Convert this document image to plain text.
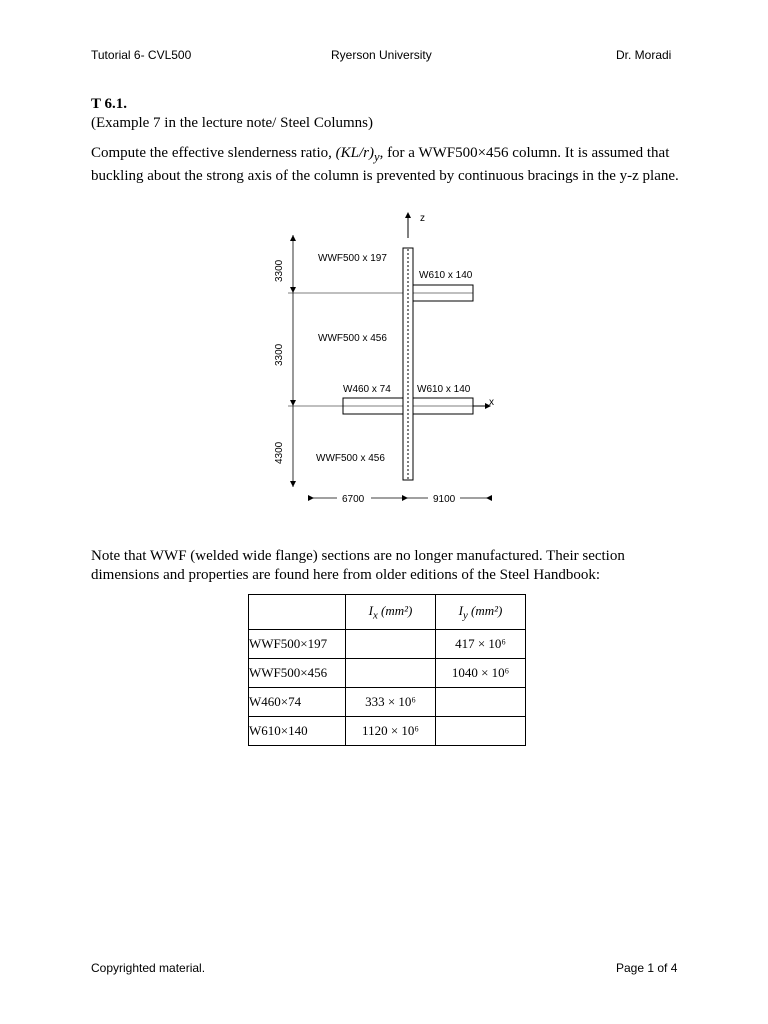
Tutorial 6- CVL500	Ryerson University	Dr. Moradi
T 6.1.
(Example 7 in the lecture note/ Steel Columns)
Compute the effective slenderness ratio, $(KL/r)_y$, for a WWF500×456 column. It is assumed that buckling about the strong axis of the column is prevented by continuous bracings in the y-z plane.
z
x
3300
3300
4300
WWF500 x 197
W610 x 140
WWF500 x 456
W460 x 74	W610 x 140
WWF500 x 456
6700	9100
Note that WWF (welded wide flange) sections are no longer manufactured. Their section dimensions and properties are found here from older editions of the Steel Handbook:
	$I_x$ (mm²)	$I_y$ (mm²)
WWF500×197		417 × 10⁶
WWF500×456		1040 × 10⁶
W460×74	333 × 10⁶	
W610×140	1120 × 10⁶	
Copyrighted material.	Page 1 of 4
